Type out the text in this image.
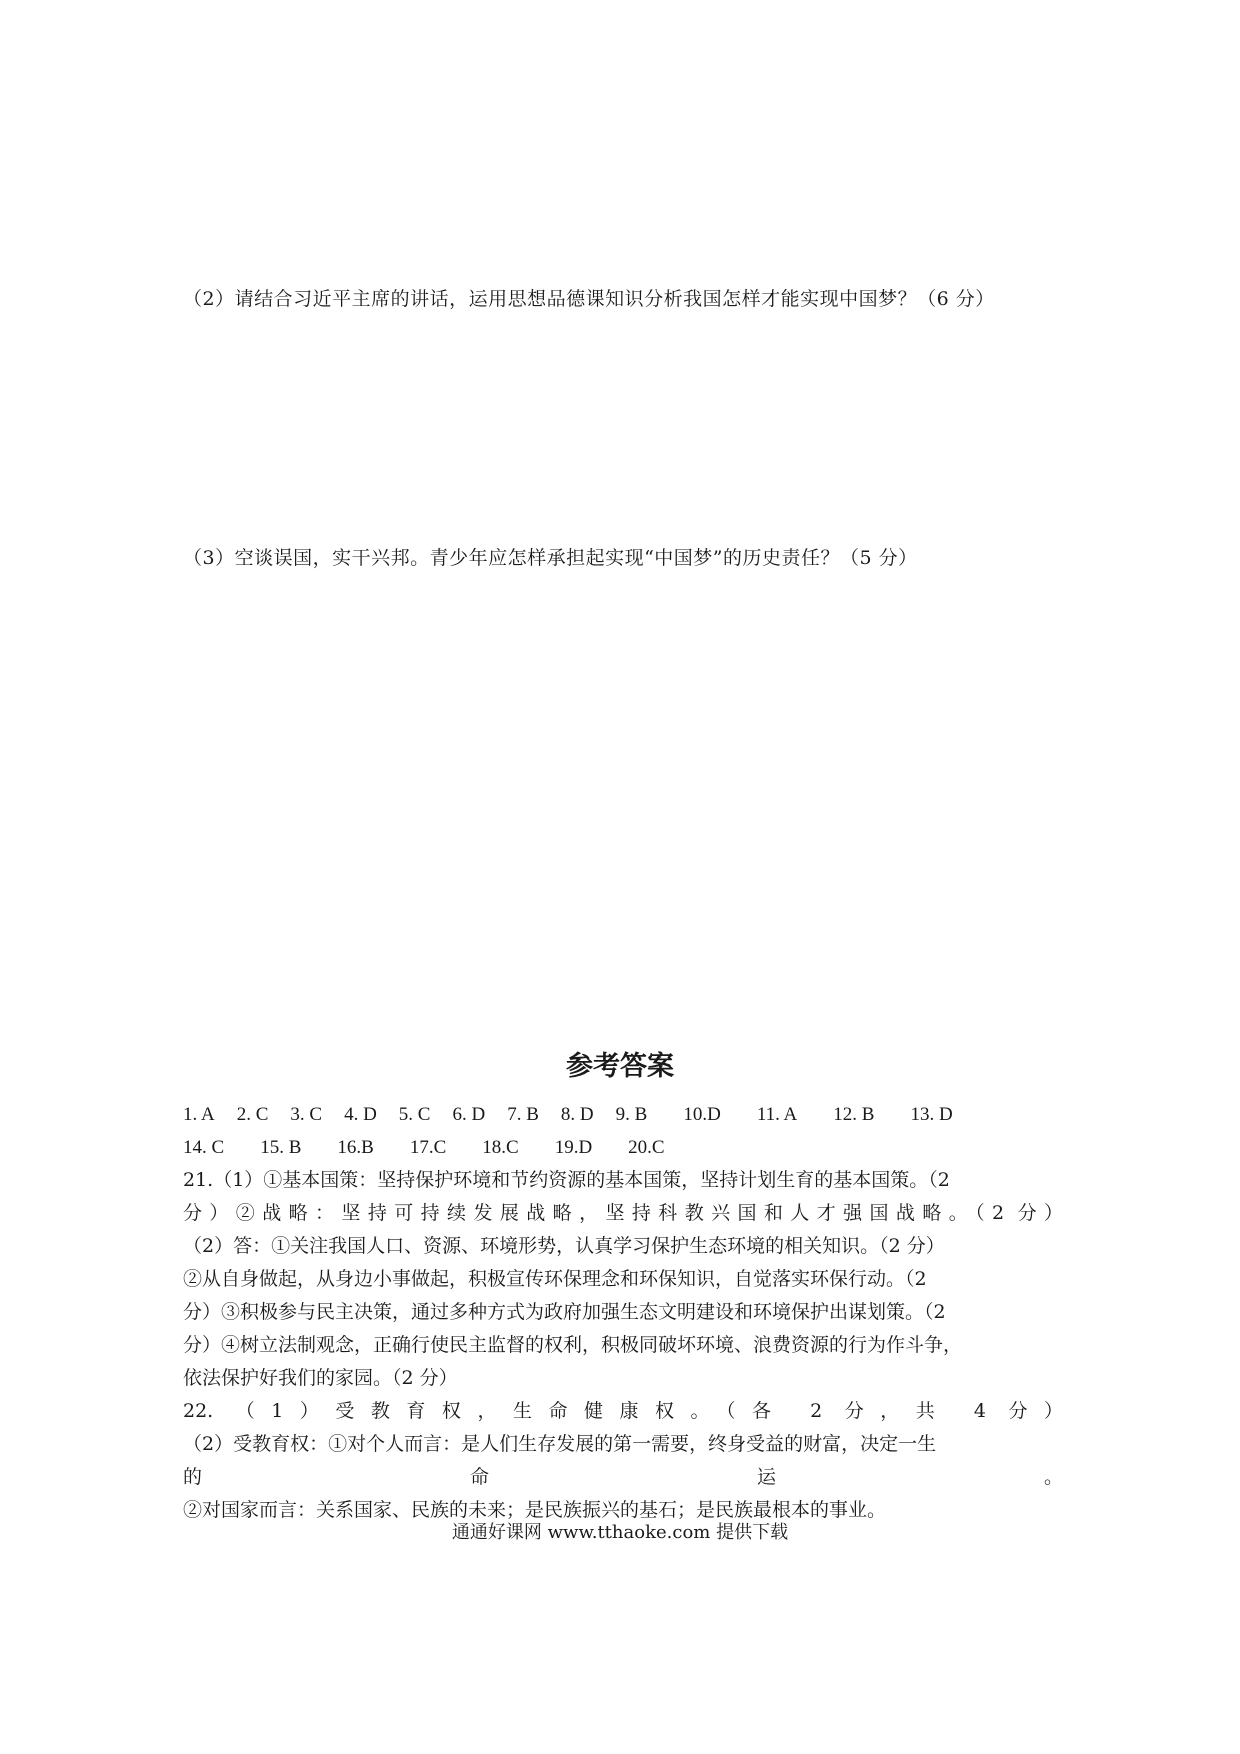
（2）请结合习近平主席的讲话，运用思想品德课知识分析我国怎样才能实现中国梦？（6 分）
（3）空谈误国，实干兴邦。青少年应怎样承担起实现“中国梦”的历史责任？（5 分）
参考答案
1. A 2. C 3. C 4. D 5. C 6. D 7. B 8. D 9. B 10.D 11. A 12. B 13. D
14. C 15. B 16.B 17.C 18.C 19.D 20.C
21.（1）①基本国策：坚持保护环境和节约资源的基本国策，坚持计划生育的基本国策。（2
分）②战略：坚持可持续发展战略，坚持科教兴国和人才强国战略。（2 分）
（2）答：①关注我国人口、资源、环境形势，认真学习保护生态环境的相关知识。（2 分）
②从自身做起，从身边小事做起，积极宣传环保理念和环保知识，自觉落实环保行动。（2
分）③积极参与民主决策，通过多种方式为政府加强生态文明建设和环境保护出谋划策。（2
分）④树立法制观念，正确行使民主监督的权利，积极同破坏环境、浪费资源的行为作斗争，
依法保护好我们的家园。（2 分）
22. （1）受教育权，生命健康权。（各 2 分，共 4 分）
（2）受教育权：①对个人而言：是人们生存发展的第一需要，终身受益的财富，决定一生
的 命 运 。
②对国家而言：关系国家、民族的未来；是民族振兴的基石；是民族最根本的事业。
通通好课网 www.tthaoke.com 提供下载
